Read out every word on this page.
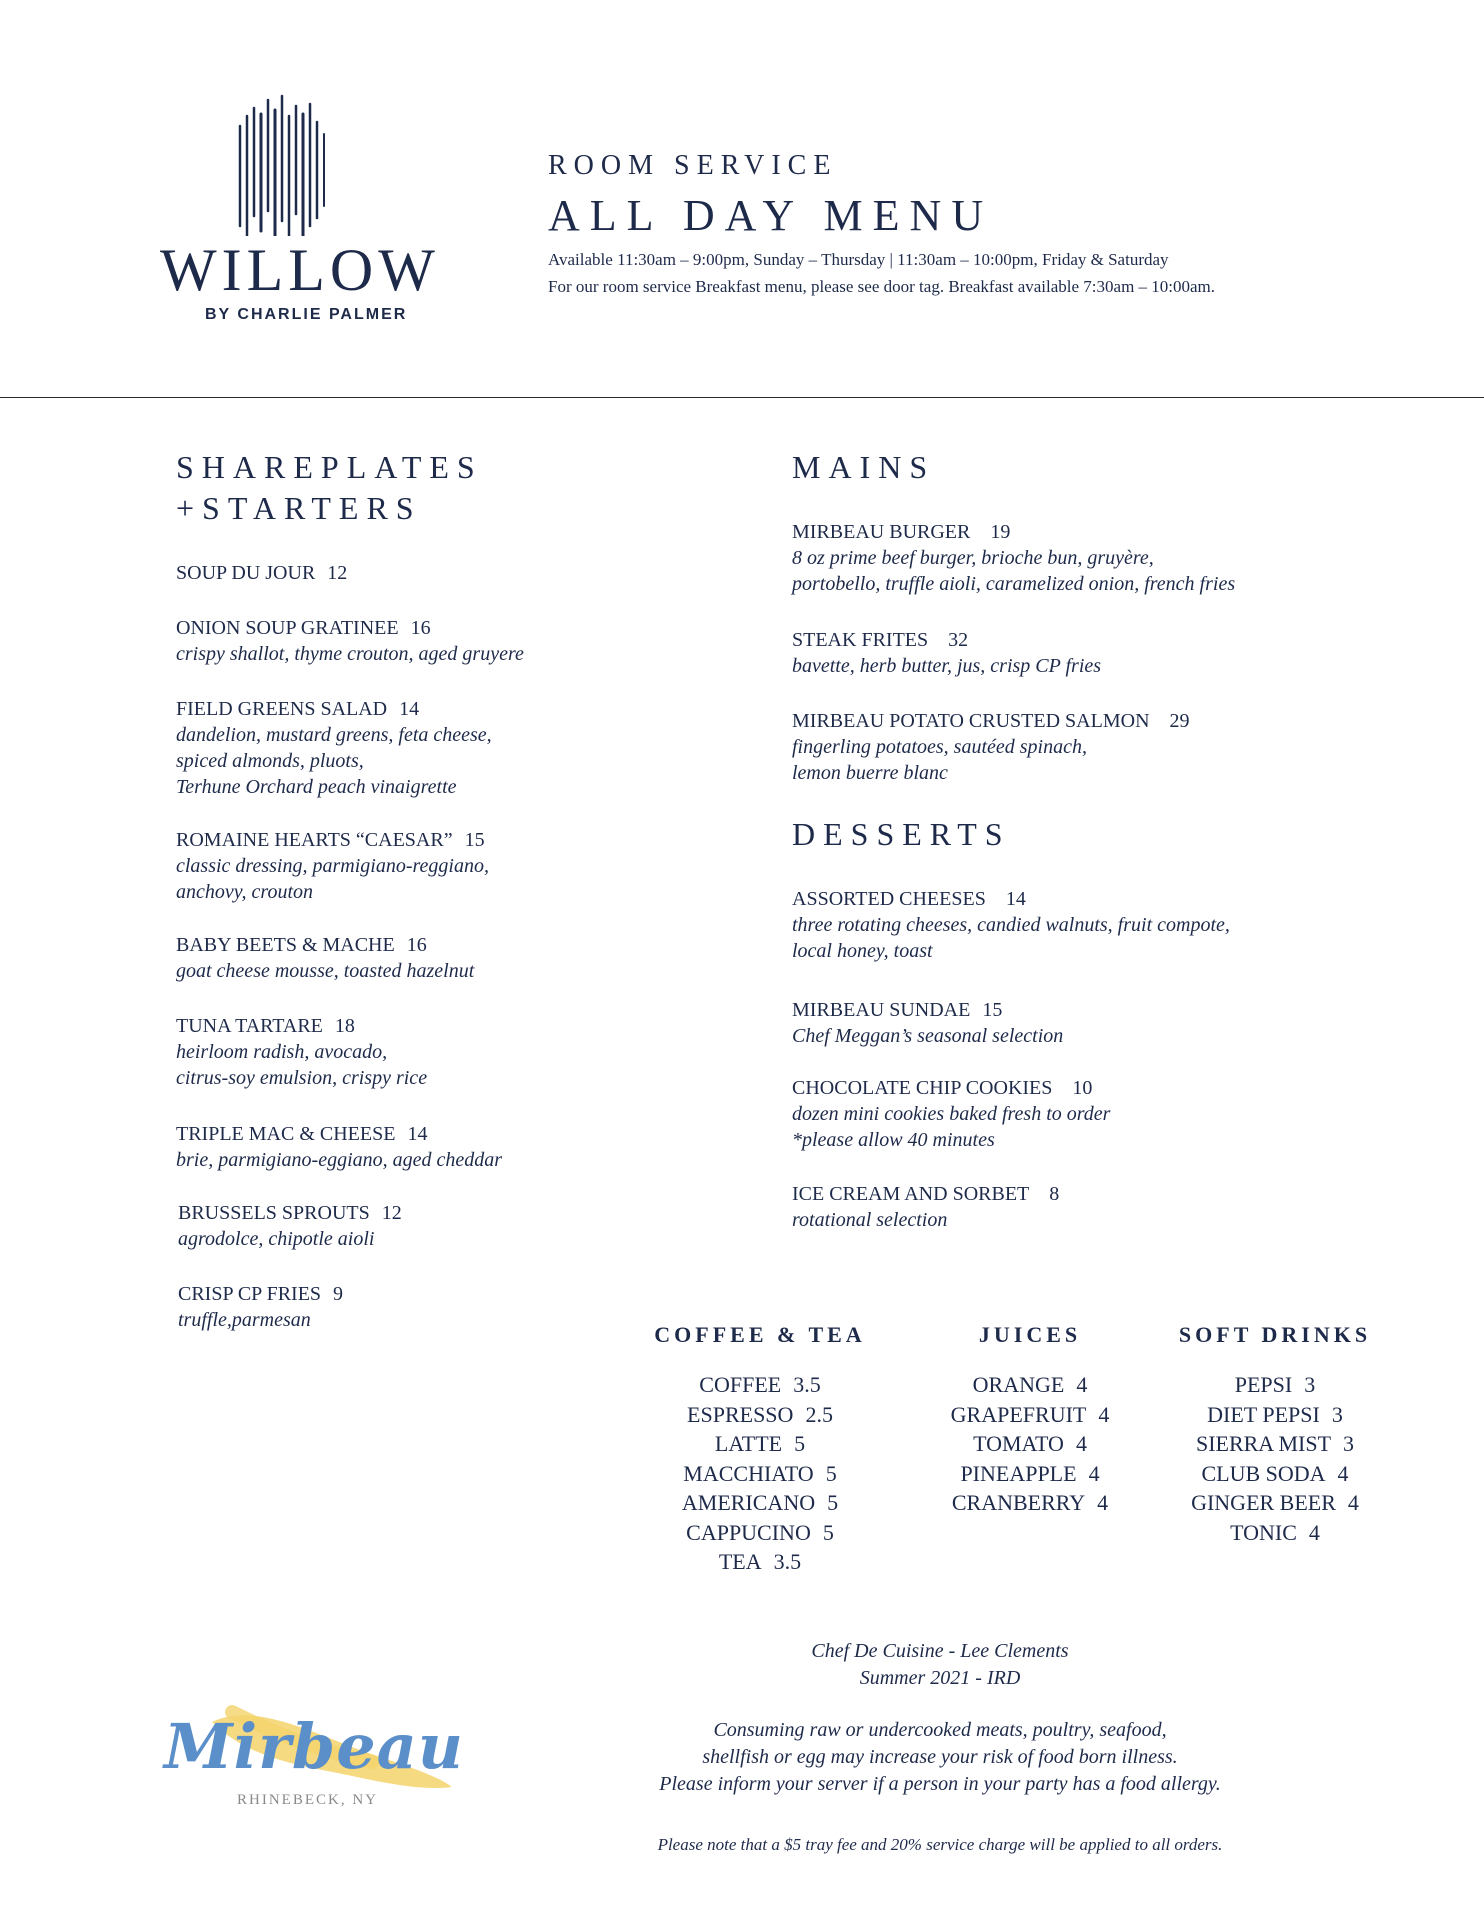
WILLOW
BY CHARLIE PALMER
ROOM SERVICE
ALL DAY MENU
Available 11:30am – 9:00pm, Sunday – Thursday | 11:30am – 10:00pm, Friday & Saturday
For our room service Breakfast menu, please see door tag. Breakfast available 7:30am – 10:00am.
SHAREPLATES
+STARTERS
SOUP DU JOUR 12
ONION SOUP GRATINEE 16
crispy shallot, thyme crouton, aged gruyere
FIELD GREENS SALAD 14
dandelion, mustard greens, feta cheese,
spiced almonds, pluots,
Terhune Orchard peach vinaigrette
ROMAINE HEARTS “CAESAR” 15
classic dressing, parmigiano-reggiano,
anchovy, crouton
BABY BEETS & MACHE 16
goat cheese mousse, toasted hazelnut
TUNA TARTARE 18
heirloom radish, avocado,
citrus-soy emulsion, crispy rice
TRIPLE MAC & CHEESE 14
brie, parmigiano-eggiano, aged cheddar
BRUSSELS SPROUTS 12
agrodolce, chipotle aioli
CRISP CP FRIES 9
truffle,parmesan
MAINS
MIRBEAU BURGER 19
8 oz prime beef burger, brioche bun, gruyère,
portobello, truffle aioli, caramelized onion, french fries
STEAK FRITES 32
bavette, herb butter, jus, crisp CP fries
MIRBEAU POTATO CRUSTED SALMON 29
fingerling potatoes, sautéed spinach,
lemon buerre blanc
DESSERTS
ASSORTED CHEESES 14
three rotating cheeses, candied walnuts, fruit compote,
local honey, toast
MIRBEAU SUNDAE 15
Chef Meggan’s seasonal selection
CHOCOLATE CHIP COOKIES 10
dozen mini cookies baked fresh to order
*please allow 40 minutes
ICE CREAM AND SORBET 8
rotational selection
COFFEE & TEA
COFFEE 3.5
ESPRESSO 2.5
LATTE 5
MACCHIATO 5
AMERICANO 5
CAPPUCINO 5
TEA 3.5
JUICES
ORANGE 4
GRAPEFRUIT 4
TOMATO 4
PINEAPPLE 4
CRANBERRY 4
SOFT DRINKS
PEPSI 3
DIET PEPSI 3
SIERRA MIST 3
CLUB SODA 4
GINGER BEER 4
TONIC 4
Chef De Cuisine - Lee Clements
Summer 2021 - IRD
Consuming raw or undercooked meats, poultry, seafood,
shellfish or egg may increase your risk of food born illness.
Please inform your server if a person in your party has a food allergy.
Please note that a $5 tray fee and 20% service charge will be applied to all orders.
Mirbeau
RHINEBECK, NY
